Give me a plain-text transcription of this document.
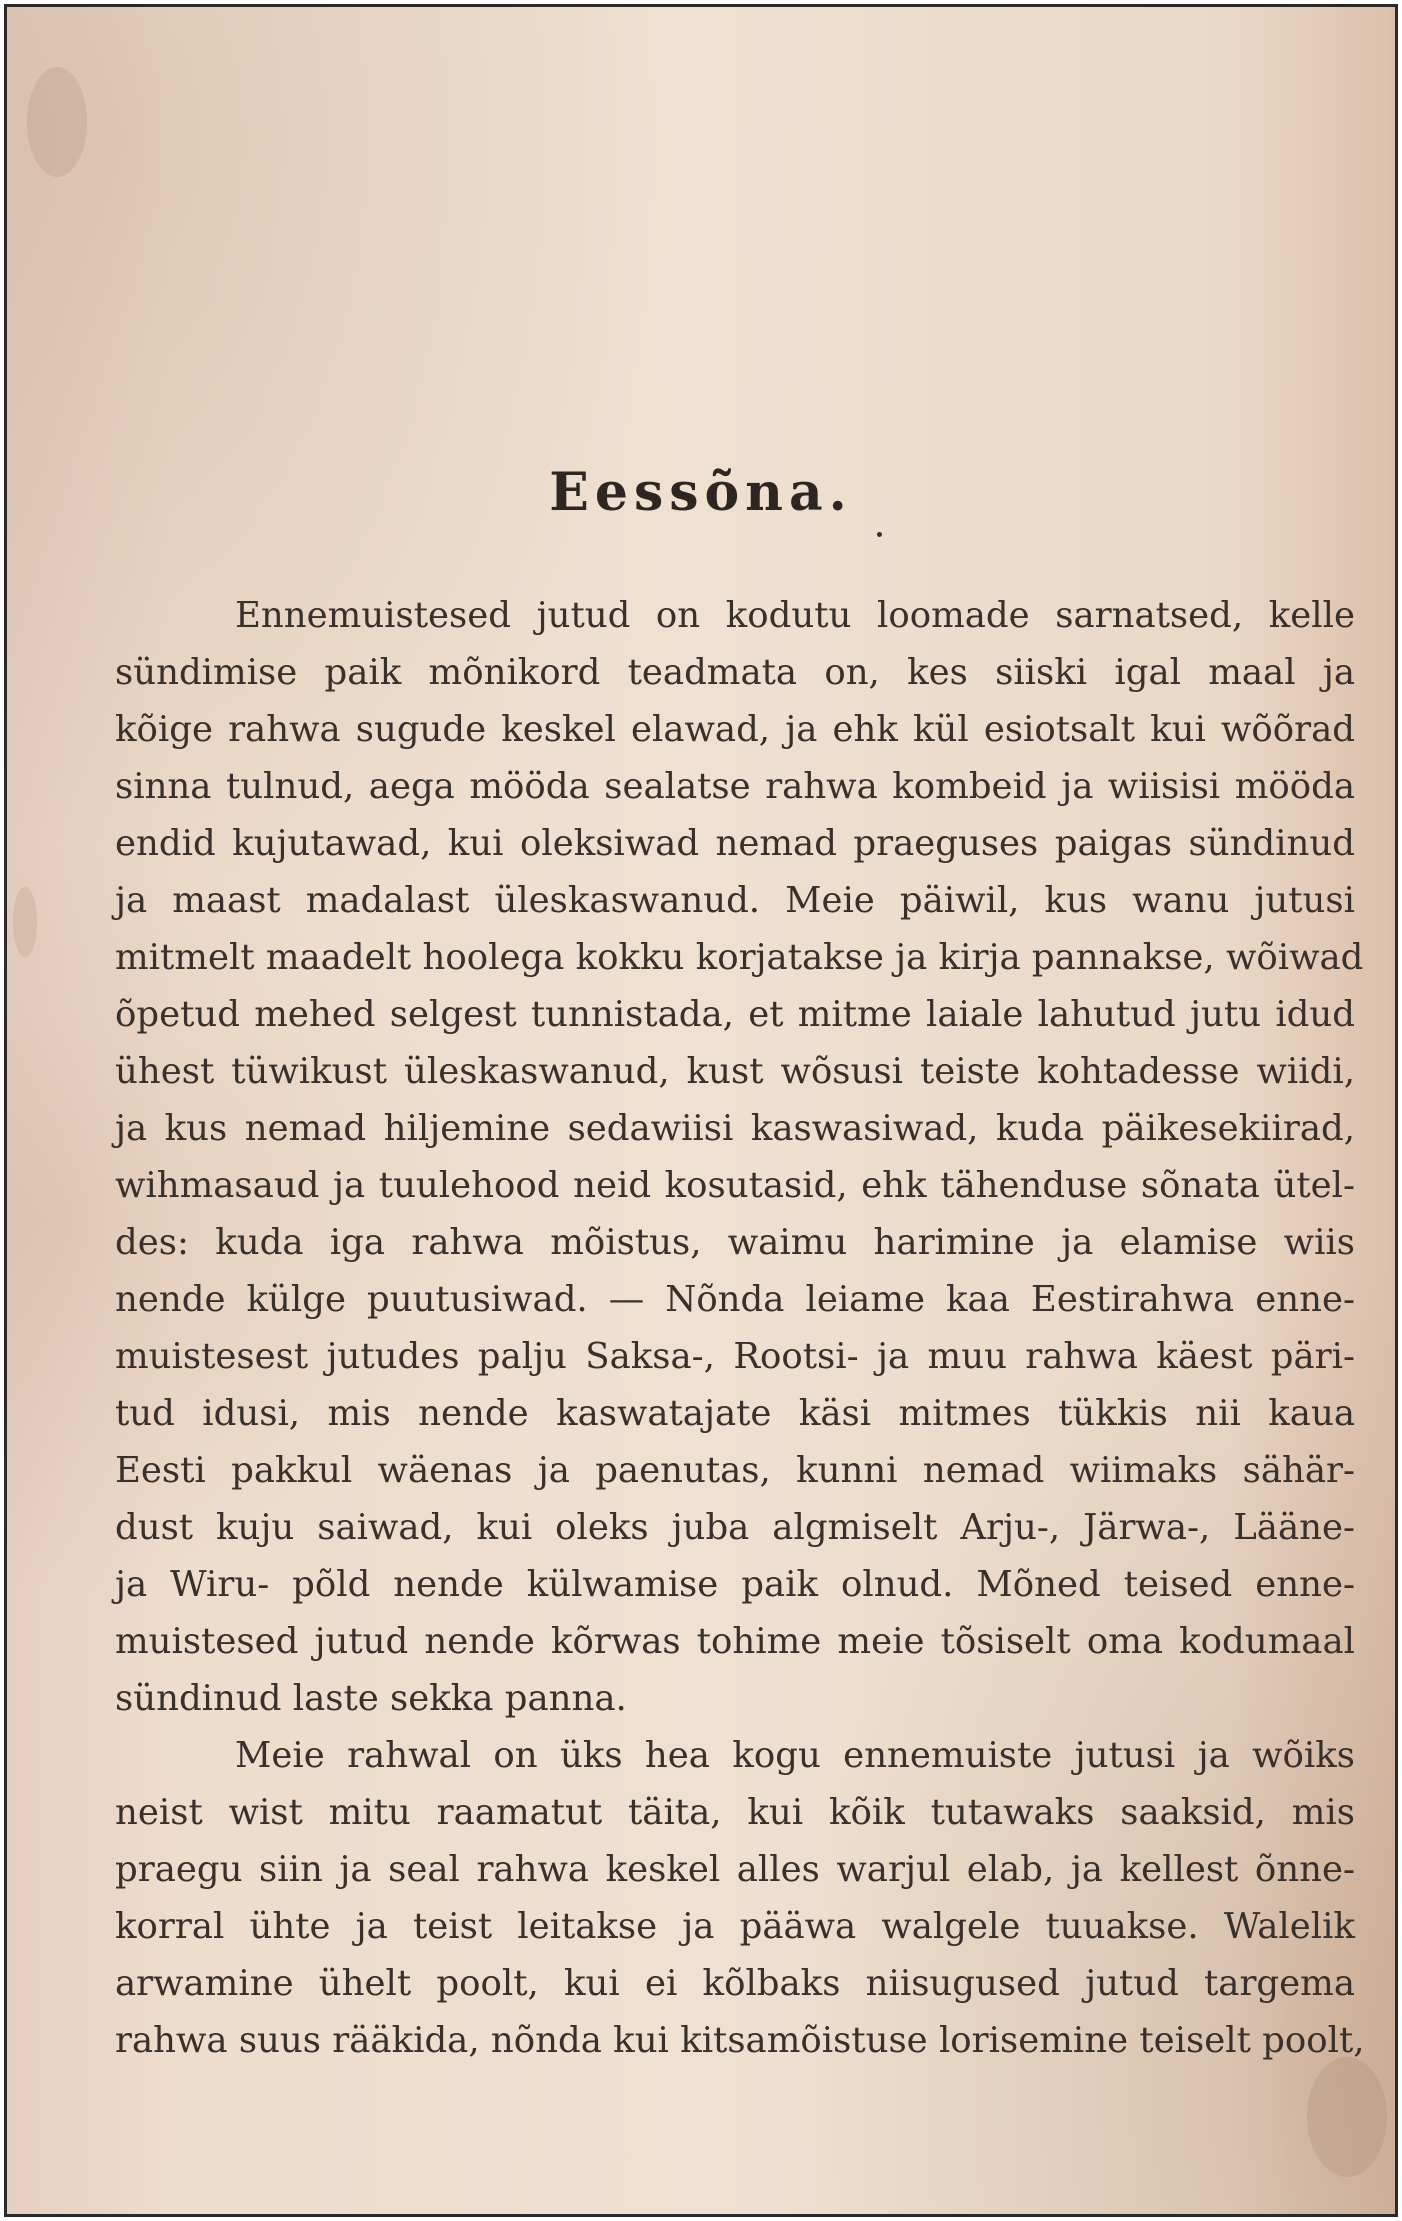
Eessõna.
Ennemuistesed jutud on kodutu loomade sarnatsed, kelle
sündimise paik mõnikord teadmata on, kes siiski igal maal ja
kõige rahwa sugude keskel elawad, ja ehk kül esiotsalt kui wõõrad
sinna tulnud, aega mööda sealatse rahwa kombeid ja wiisisi mööda
endid kujutawad, kui oleksiwad nemad praeguses paigas sündinud
ja maast madalast üleskaswanud. Meie päiwil, kus wanu jutusi
mitmelt maadelt hoolega kokku korjatakse ja kirja pannakse, wõiwad
õpetud mehed selgest tunnistada, et mitme laiale lahutud jutu idud
ühest tüwikust üleskaswanud, kust wõsusi teiste kohtadesse wiidi,
ja kus nemad hiljemine sedawiisi kaswasiwad, kuda päikesekiirad,
wihmasaud ja tuulehood neid kosutasid, ehk tähenduse sõnata ütel-
des: kuda iga rahwa mõistus, waimu harimine ja elamise wiis
nende külge puutusiwad. — Nõnda leiame kaa Eestirahwa enne-
muistesest jutudes palju Saksa-, Rootsi- ja muu rahwa käest päri-
tud idusi, mis nende kaswatajate käsi mitmes tükkis nii kaua
Eesti pakkul wäenas ja paenutas, kunni nemad wiimaks sähär-
dust kuju saiwad, kui oleks juba algmiselt Arju-, Järwa-, Lääne-
ja Wiru- põld nende külwamise paik olnud. Mõned teised enne-
muistesed jutud nende kõrwas tohime meie tõsiselt oma kodumaal
sündinud laste sekka panna.
Meie rahwal on üks hea kogu ennemuiste jutusi ja wõiks
neist wist mitu raamatut täita, kui kõik tutawaks saaksid, mis
praegu siin ja seal rahwa keskel alles warjul elab, ja kellest õnne-
korral ühte ja teist leitakse ja pääwa walgele tuuakse. Walelik
arwamine ühelt poolt, kui ei kõlbaks niisugused jutud targema
rahwa suus rääkida, nõnda kui kitsamõistuse lorisemine teiselt poolt,
